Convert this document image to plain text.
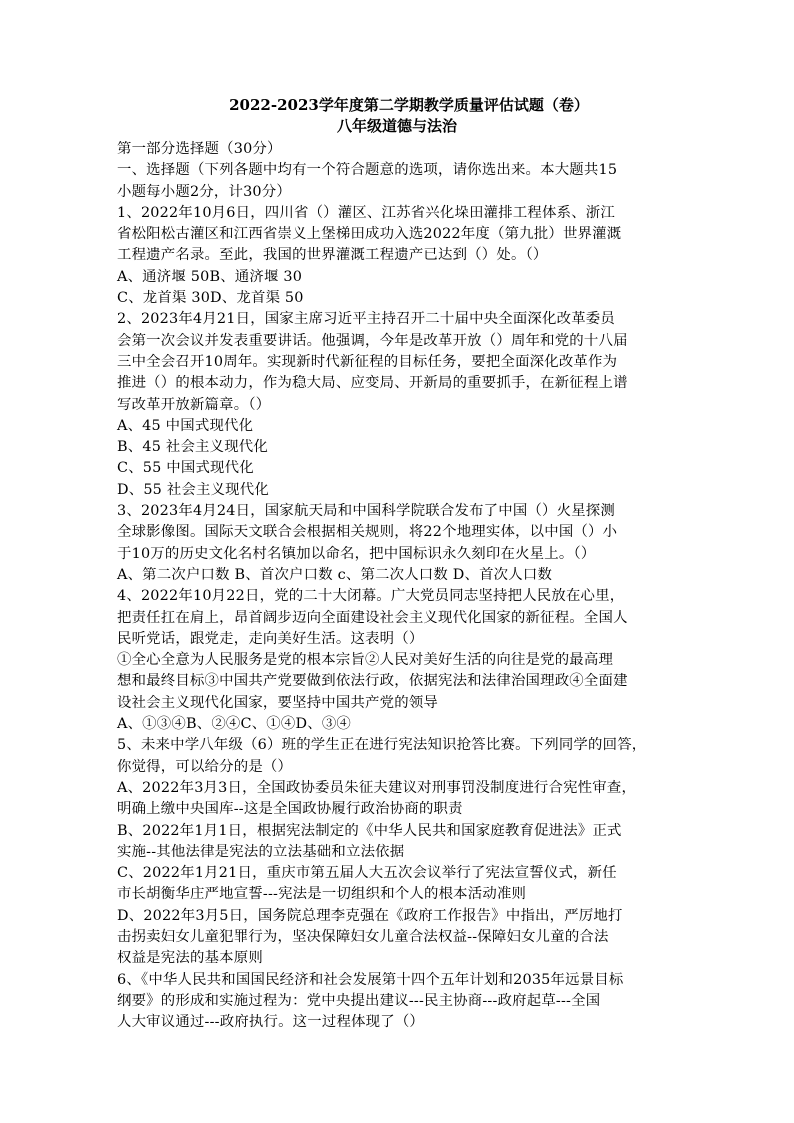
2022-2023学年度第二学期教学质量评估试题（卷）
八年级道德与法治
第一部分选择题（30分）
一、选择题（下列各题中均有一个符合题意的选项，请你选出来。本大题共15
小题每小题2分，计30分）
1、2022年10月6日，四川省（）灌区、江苏省兴化垛田灌排工程体系、浙江
省松阳松古灌区和江西省崇义上堡梯田成功入选2022年度（第九批）世界灌溉
工程遗产名录。至此，我国的世界灌溉工程遗产已达到（）处。（）
A、通济堰 50B、通济堰 30
C、龙首渠 30D、龙首渠 50
2、2023年4月21日，国家主席习近平主持召开二十届中央全面深化改革委员
会第一次会议并发表重要讲话。他强调，今年是改革开放（）周年和党的十八届
三中全会召开10周年。实现新时代新征程的目标任务，要把全面深化改革作为
推进（）的根本动力，作为稳大局、应变局、开新局的重要抓手，在新征程上谱
写改革开放新篇章。（）
A、45 中国式现代化
B、45 社会主义现代化
C、55 中国式现代化
D、55 社会主义现代化
3、2023年4月24日，国家航天局和中国科学院联合发布了中国（）火星探测
全球影像图。国际天文联合会根据相关规则，将22个地理实体，以中国（）小
于10万的历史文化名村名镇加以命名，把中国标识永久刻印在火星上。（）
A、第二次户口数 B、首次户口数 c、第二次人口数 D、首次人口数
4、2022年10月22日，党的二十大闭幕。广大党员同志坚持把人民放在心里，
把责任扛在肩上，昂首阔步迈向全面建设社会主义现代化国家的新征程。全国人
民听党话，跟党走，走向美好生活。这表明（）
①全心全意为人民服务是党的根本宗旨②人民对美好生活的向往是党的最高理
想和最终目标③中国共产党要做到依法行政，依据宪法和法律治国理政④全面建
设社会主义现代化国家，要坚持中国共产党的领导
A、①③④B、②④C、①④D、③④
5、未来中学八年级（6）班的学生正在进行宪法知识抢答比赛。下列同学的回答，
你觉得，可以给分的是（）
A、2022年3月3日，全国政协委员朱征夫建议对刑事罚没制度进行合宪性审查，
明确上缴中央国库--这是全国政协履行政治协商的职责
B、2022年1月1日，根据宪法制定的《中华人民共和国家庭教育促进法》正式
实施--其他法律是宪法的立法基础和立法依据
C、2022年1月21日，重庆市第五届人大五次会议举行了宪法宣誓仪式，新任
市长胡衡华庄严地宣誓---宪法是一切组织和个人的根本活动准则
D、2022年3月5日，国务院总理李克强在《政府工作报告》中指出，严厉地打
击拐卖妇女儿童犯罪行为，坚决保障妇女儿童合法权益--保障妇女儿童的合法
权益是宪法的基本原则
6、《中华人民共和国国民经济和社会发展第十四个五年计划和2035年远景目标
纲要》的形成和实施过程为：党中央提出建议---民主协商---政府起草---全国
人大审议通过---政府执行。这一过程体现了（）
